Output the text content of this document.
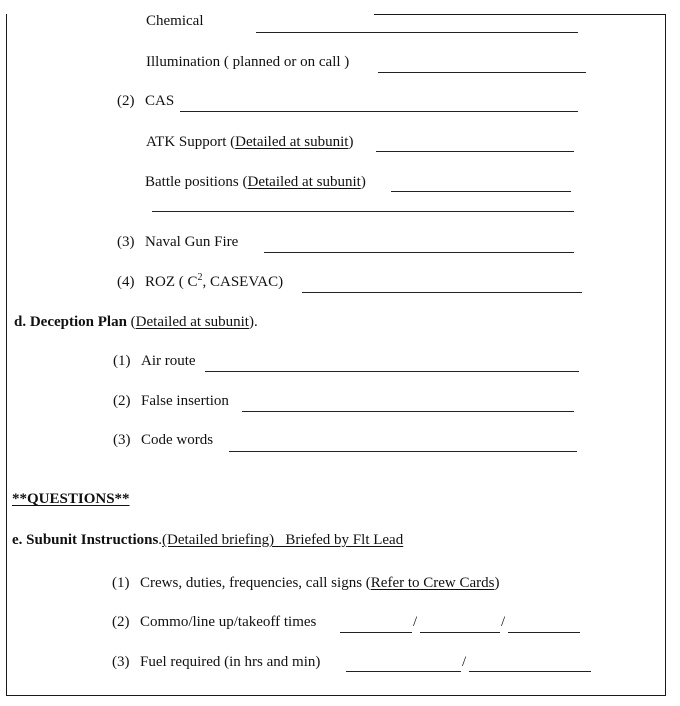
Chemical
Illumination ( planned or on call )
(2) CAS
ATK Support (Detailed at subunit)
Battle positions (Detailed at subunit)
(3) Naval Gun Fire
(4) ROZ ( $C^2$, CASEVAC)
d. Deception Plan (Detailed at subunit).
(1) Air route
(2) False insertion
(3) Code words
**QUESTIONS**
e. Subunit Instructions.(Detailed briefing)   Briefed by Flt Lead
(1) Crews, duties, frequencies, call signs (Refer to Crew Cards)
(2) Commo/line up/takeoff times	/	/
(3) Fuel required (in hrs and min)	/
